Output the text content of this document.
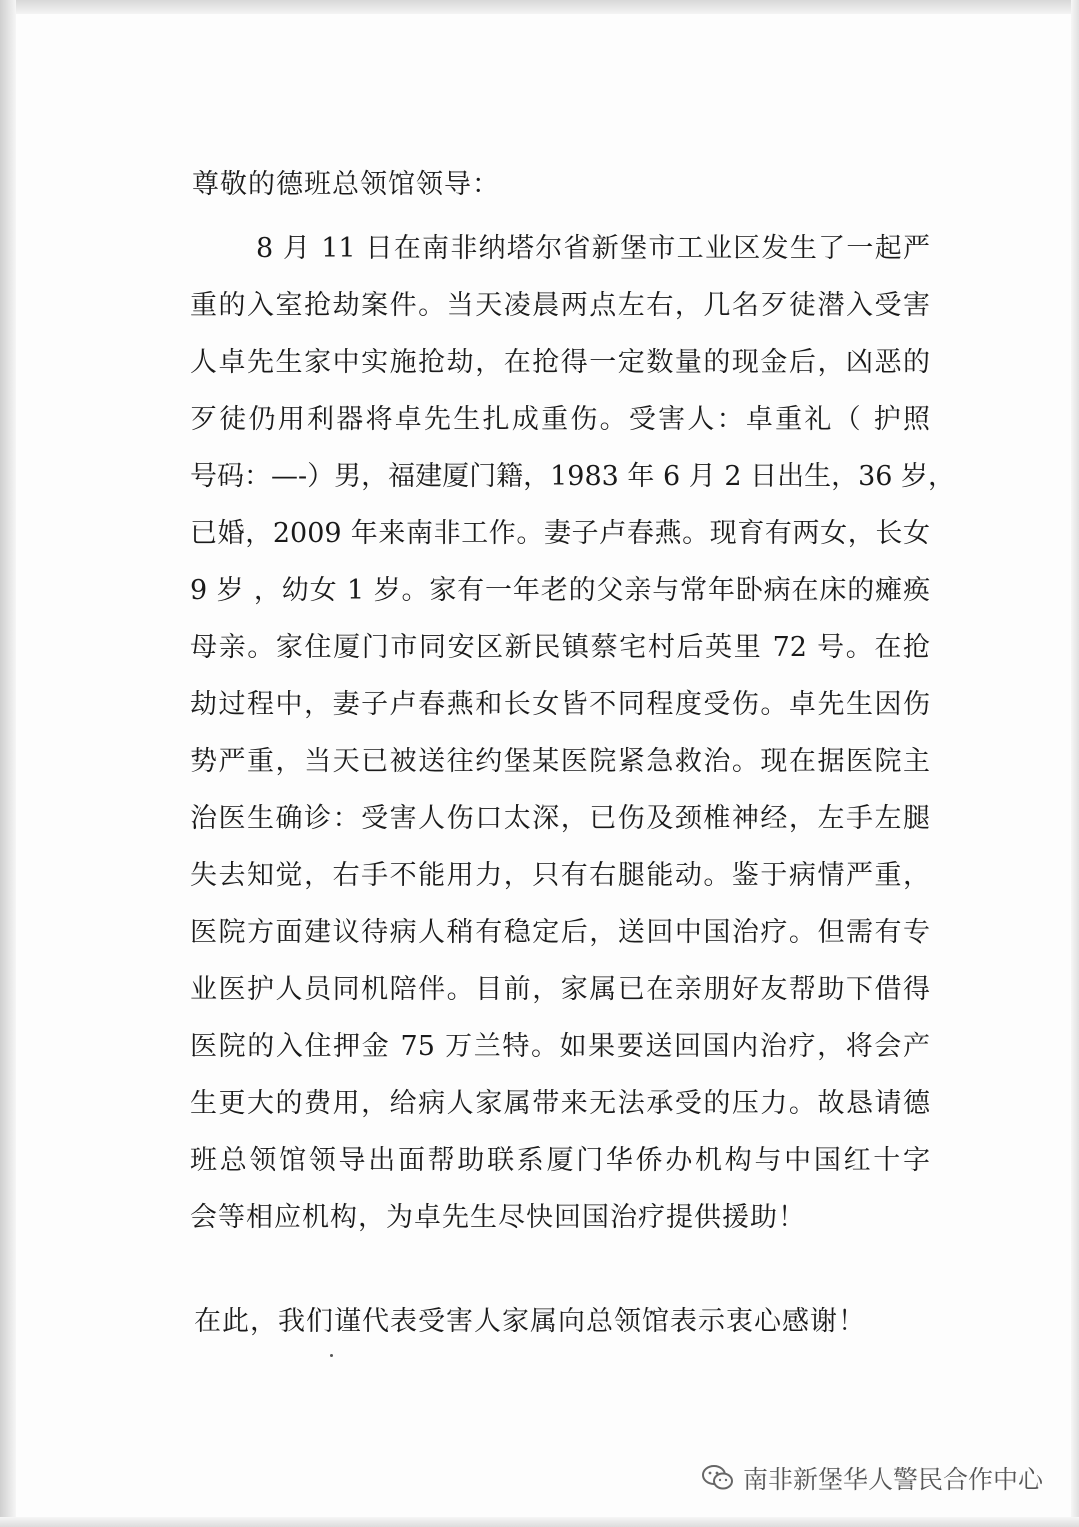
尊敬的德班总领馆领导：
8 月 11 日在南非纳塔尔省新堡市工业区发生了一起严
重的入室抢劫案件。当天凌晨两点左右，几名歹徒潜入受害
人卓先生家中实施抢劫，在抢得一定数量的现金后，凶恶的
歹徒仍用利器将卓先生扎成重伤。受害人：卓重礼（ 护照
号码：—-）男，福建厦门籍，1983 年 6 月 2 日出生，36 岁，
已婚，2009 年来南非工作。妻子卢春燕。现育有两女，长女
9 岁 ，幼女 1 岁。家有一年老的父亲与常年卧病在床的瘫痪
母亲。家住厦门市同安区新民镇蔡宅村后英里 72 号。在抢
劫过程中，妻子卢春燕和长女皆不同程度受伤。卓先生因伤
势严重，当天已被送往约堡某医院紧急救治。现在据医院主
治医生确诊：受害人伤口太深，已伤及颈椎神经，左手左腿
失去知觉，右手不能用力，只有右腿能动。鉴于病情严重，
医院方面建议待病人稍有稳定后，送回中国治疗。但需有专
业医护人员同机陪伴。目前，家属已在亲朋好友帮助下借得
医院的入住押金 75 万兰特。如果要送回国内治疗，将会产
生更大的费用，给病人家属带来无法承受的压力。故恳请德
班总领馆领导出面帮助联系厦门华侨办机构与中国红十字
会等相应机构，为卓先生尽快回国治疗提供援助！
在此，我们谨代表受害人家属向总领馆表示衷心感谢！
南非新堡华人警民合作中心
